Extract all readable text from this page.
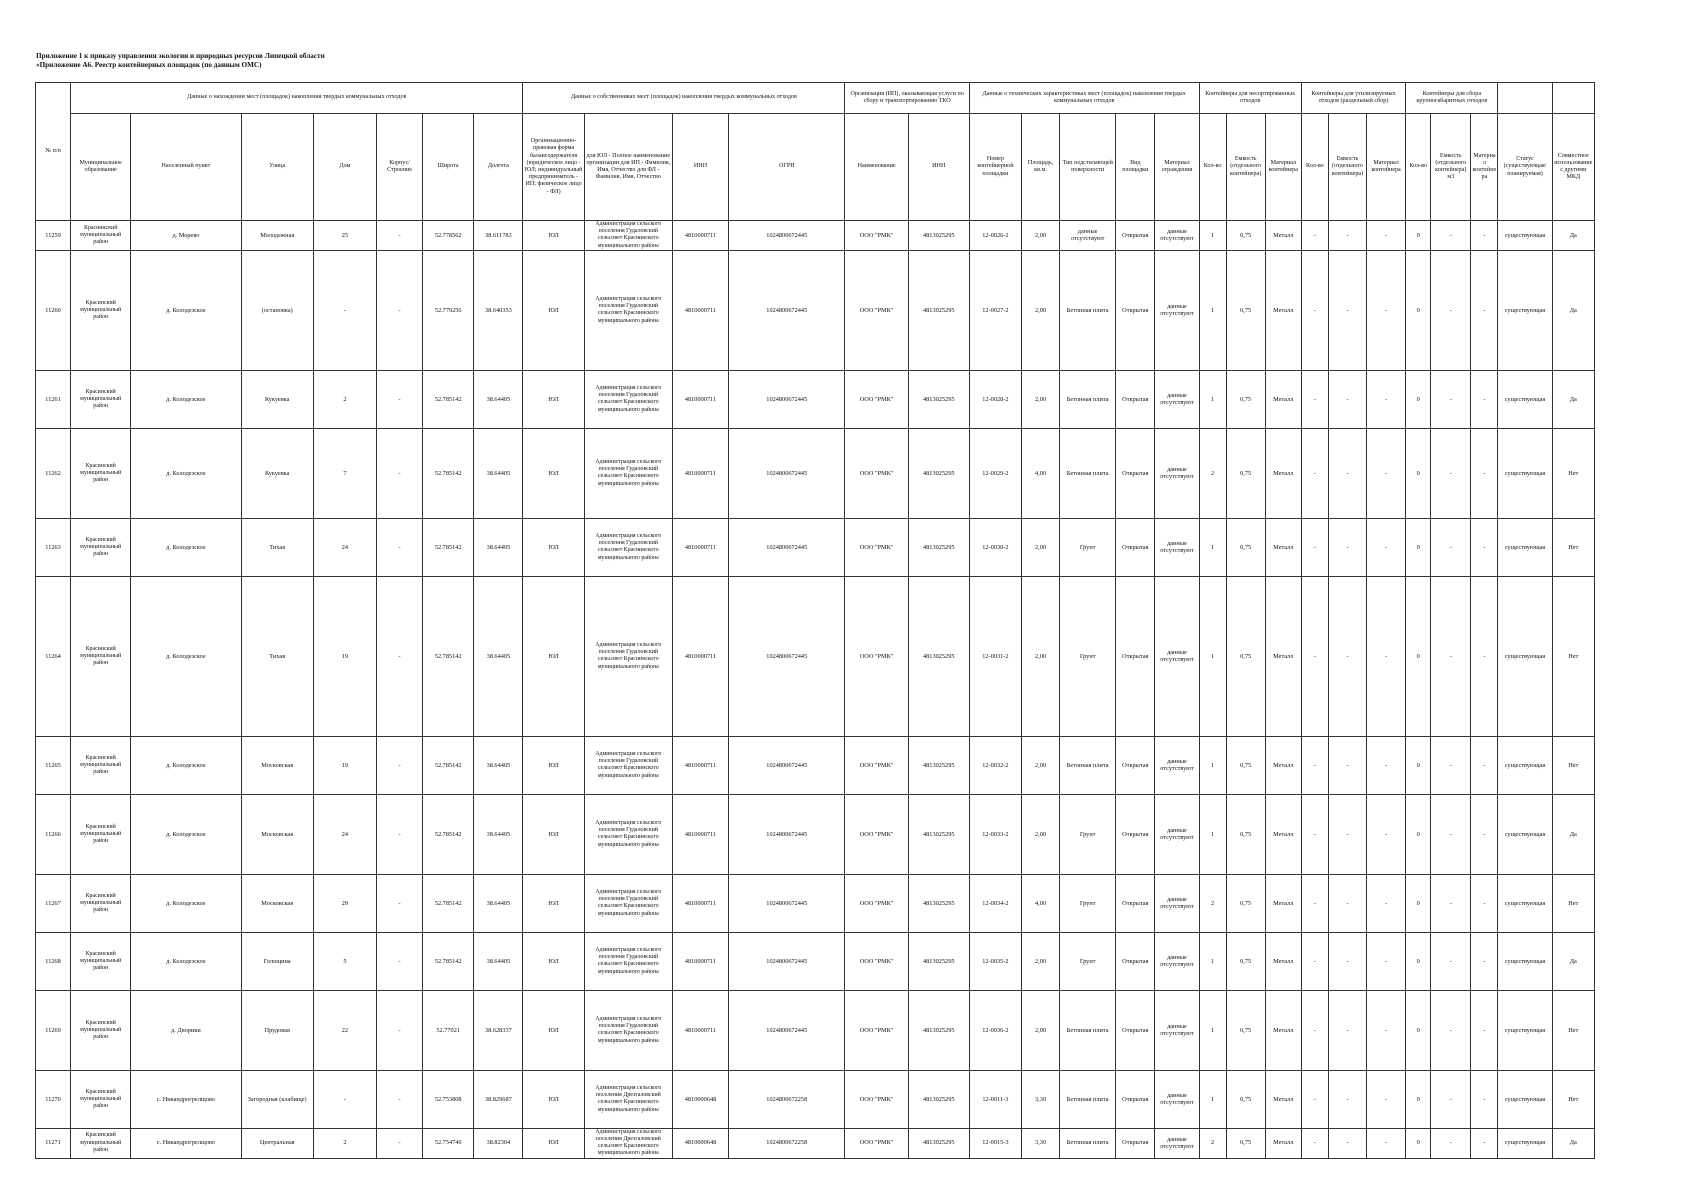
Приложение 1 к приказу управления экологии и природных ресурсов Липецкой области
«Приложение А6. Реестр контейнерных площадок (по данным ОМС)
№ п/п	Данные о нахождении мест (площадок) накопления твердых коммунальных отходов							Данные о собственниках мест (площадок) накопления твердых коммунальных отходов				Организация (ИП), оказывающая услуги по сбору и транспортированию ТКО		Данные о технических характеристиках мест (площадок) накопления твердых коммунальных отходов					Контейнеры для несортированных отходов			Контейнеры для утилизируемых отходов (раздельный сбор)			Контейнеры для сбора крупногабаритных отходов				
	Муниципальное образование	Населенный пункт	Улица	Дом	Корпус/Строение	Широта	Долгота	Организационно-правовая форма балансодержателя (юридическое лицо - ЮЛ; индивидуальный предприниматель - ИП; физическое лицо - ФЛ)	для ЮЛ - Полное наименование организации для ИП - Фамилия, Имя, Отчество для ФЛ - Фамилия, Имя, Отчество	ИНН	ОГРН	Наименование	ИНН	Номер контейнерной площадки	Площадь, кв.м.	Тип подстилающей поверхности	Вид площадки	Материал ограждения	Кол-во	Емкость (отдельного контейнера)	Материал контейнера	Кол-во	Емкость (отдельного контейнера)	Материал контейнера	Кол-во	Емкость (отдельного контейнера) м3	Материал контейнера	Статус (существующая/ планируемая)	Совместное использование с другими МКД
11259	Краснинский муниципальный район	д. Морево	Молодежная	25	-	52.778562	38.611783	ЮЛ	Администрация сельского поселения Гудаловский сельсовет Краснинского муниципального района	4810000711	1024800672445	ООО "РМК"	4813025295	12-0026-2	2,00	данные отсутствуют	Открытая	данные отсутствуют	1	0,75	Металл	-	-	-	0	-	-	существующая	Да
11260	Красинский муниципальный район	д. Колодезское	(остановка)	-	-	52.779256	38.640353	ЮЛ	Администрация сельского поселения Гудаловский сельсовет Краснинского муниципального района	4810000711	1024800672445	ООО "РМК"	4813025295	12-0027-2	2,00	Бетонная плита	Открытая	данные отсутствуют	1	0,75	Металл	-	-	-	0	-	-	существующая	Да
11261	Красинский муниципальный район	д. Колодезское	Кукуевка	2	-	52.785142	38.64405	ЮЛ	Администрация сельского поселения Гудаловский сельсовет Краснинского муниципального района	4810000711	1024800672445	ООО "РМК"	4813025295	12-0028-2	2,00	Бетонная плита	Открытая	данные отсутствуют	1	0,75	Металл	-	-	-	0	-	-	существующая	Да
11262	Красинский муниципальный район	д. Колодезское	Кукуевка	7	-	52.785142	38.64405	ЮЛ	Администрация сельского поселения Гудаловский сельсовет Краснинского муниципального района	4810000711	1024800672445	ООО "РМК"	4813025295	12-0029-2	4,00	Бетонная плита	Открытая	данные отсутствуют	2	0,75	Металл	-	-	-	0	-	-	существующая	Нет
11263	Красинский муниципальный район	д. Колодезское	Тихая	24	-	52.785142	38.64405	ЮЛ	Администрация сельского поселения Гудаловский сельсовет Краснинского муниципального района	4810000711	1024800672445	ООО "РМК"	4813025295	12-0030-2	2,00	Грунт	Открытая	данные отсутствуют	1	0,75	Металл	-	-	-	0	-	-	существующая	Нет
11264	Красинский муниципальный район	д. Колодезское	Тихая	19	-	52.785142	38.64405	ЮЛ	Администрация сельского поселения Гудаловский сельсовет Краснинского муниципального района	4810000711	1024800672445	ООО "РМК"	4813025295	12-0031-2	2,00	Грунт	Открытая	данные отсутствуют	1	0,75	Металл	-	-	-	0	-	-	существующая	Нет
11265	Красинский муниципальный район	д. Колодезское	Московская	19	-	52.785142	38.64405	ЮЛ	Администрация сельского поселения Гудаловский сельсовет Краснинского муниципального района	4810000711	1024800672445	ООО "РМК"	4813025295	12-0032-2	2,00	Бетонная плита	Открытая	данные отсутствуют	1	0,75	Металл	-	-	-	0	-	-	существующая	Нет
11266	Красинский муниципальный район	д. Колодезское	Московская	24	-	52.785142	38.64405	ЮЛ	Администрация сельского поселения Гудаловский сельсовет Краснинского муниципального района	4810000711	1024800672445	ООО "РМК"	4813025295	12-0033-2	2,00	Грунт	Открытая	данные отсутствуют	1	0,75	Металл	-	-	-	0	-	-	существующая	Да
11267	Красинский муниципальный район	д. Колодезское	Московская	29	-	52.785142	38.64405	ЮЛ	Администрация сельского поселения Гудаловский сельсовет Краснинского муниципального района	4810000711	1024800672445	ООО "РМК"	4813025295	12-0034-2	4,00	Грунт	Открытая	данные отсутствуют	2	0,75	Металл	-	-	-	0	-	-	существующая	Нет
11268	Красинский муниципальный район	д. Колодезское	Голощина	5	-	52.785142	38.64405	ЮЛ	Администрация сельского поселения Гудаловский сельсовет Краснинского муниципального района	4810000711	1024800672445	ООО "РМК"	4813025295	12-0035-2	2,00	Грунт	Открытая	данные отсутствуют	1	0,75	Металл	-	-	-	0	-	-	существующая	Да
11269	Красинский муниципальный район	д. Дворики	Прудовая	22	-	52.77021	38.628337	ЮЛ	Администрация сельского поселения Гудаловский сельсовет Краснинского муниципального района	4810000711	1024800672445	ООО "РМК"	4813025295	12-0036-2	2,00	Бетонная плита	Открытая	данные отсутствуют	1	0,75	Металл	-	-	-	0	-	-	существующая	Нет
11270	Красинский муниципальный район	с. Никандрогрелщово	Загородная (клабище)	-	-	52.753808	38.829687	ЮЛ	Администрация сельского поселения Дрезгаловский сельсовет Краснинского муниципального района	4810000648	1024800672258	ООО "РМК"	4813025295	12-0011-3	3,30	Бетонная плита	Открытая	данные отсутствуют	1	0,75	Металл	-	-	-	0	-	-	существующая	Нет
11271	Красинский муниципальный район	с. Никандрогрелщово	Центральная	2	-	52.754746	38.82304	ЮЛ	Администрация сельского поселения Дрезгаловский сельсовет Краснинского муниципального района	4810000648	1024800672258	ООО "РМК"	4813025295	12-0015-3	3,30	Бетонная плита	Открытая	данные отсутствуют	2	0,75	Металл	-	-	-	0	-	-	существующая	Да
